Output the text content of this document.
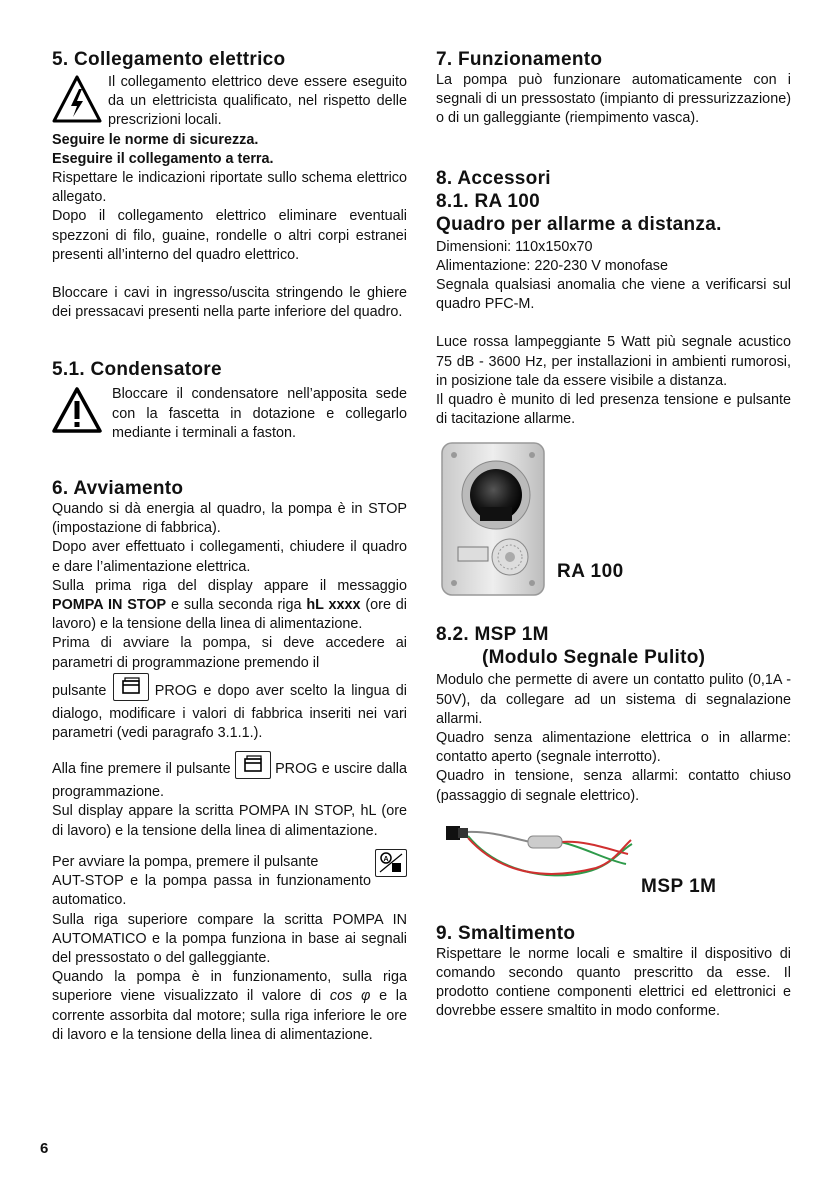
5. Collegamento elettrico

Il collegamento elettrico deve essere eseguito da un elettricista qualificato, nel rispetto delle prescrizioni locali.

Seguire le norme di sicurezza.

Eseguire il collegamento a terra.

Rispettare le indicazioni riportate sullo schema elettrico allegato.

Dopo il collegamento elettrico eliminare eventuali spezzoni di filo, guaine, rondelle o altri corpi estranei presenti all’interno del quadro elettrico.

Bloccare i cavi in ingresso/uscita stringendo le ghiere dei pressacavi presenti nella parte inferiore del quadro.

5.1. Condensatore

Bloccare il condensatore nell’apposita sede con la fascetta in dotazione e collegarlo mediante i terminali a faston.

6. Avviamento

Quando si dà energia al quadro, la pompa è in STOP (impostazione di fabbrica).

Dopo aver effettuato i collegamenti, chiudere il quadro e dare l’alimentazione elettrica.

Sulla prima riga del display appare il messaggio POMPA IN STOP e sulla seconda riga hL xxxx (ore di lavoro) e la tensione della linea di alimentazione.

Prima di avviare la pompa, si deve accedere ai parametri di programmazione premendo il

pulsante	PROG e dopo aver scelto la lingua di dialogo, modificare i valori di fabbrica inseriti nei vari parametri (vedi paragrafo 3.1.1.).

Alla fine premere il pulsante	PROG e uscire dalla programmazione.

Sul display appare la scritta POMPA IN STOP, hL (ore di lavoro) e la tensione della linea di alimentazione.

Per avviare la pompa, premere il pulsante	A

AUT-STOP e la pompa passa in funzionamento automatico.

Sulla riga superiore compare la scritta POMPA IN AUTOMATICO e la pompa funziona in base ai segnali del pressostato o del galleggiante.

Quando la pompa è in funzionamento, sulla riga superiore viene visualizzato il valore di cos φ e la corrente assorbita dal motore; sulla riga inferiore le ore di lavoro e la tensione della linea di alimentazione.

7. Funzionamento

La pompa può funzionare automaticamente con i segnali di un pressostato (impianto di pressurizzazione) o di un galleggiante (riempimento vasca).

8. Accessori
8.1. RA 100
Quadro per allarme a distanza.

Dimensioni: 110x150x70

Alimentazione: 220-230 V monofase

Segnala qualsiasi anomalia che viene a verificarsi sul quadro PFC-M.

Luce rossa lampeggiante 5 Watt più segnale acustico 75 dB - 3600 Hz, per installazioni in ambienti rumorosi, in posizione tale da essere visibile a distanza.

Il quadro è munito di led presenza tensione e pulsante di tacitazione allarme.

RA 100
8.2. MSP 1M
(Modulo Segnale Pulito)

Modulo che permette di avere un contatto pulito (0,1A - 50V), da collegare ad un sistema di segnalazione allarmi.

Quadro senza alimentazione elettrica o in allarme: contatto aperto (segnale interrotto).

Quadro in tensione, senza allarmi: contatto chiuso (passaggio di segnale elettrico).

MSP 1M
9. Smaltimento

Rispettare le norme locali e smaltire il dispositivo di comando secondo quanto prescritto da esse. Il prodotto contiene componenti elettrici ed elettronici e dovrebbe essere smaltito in modo conforme.

6
